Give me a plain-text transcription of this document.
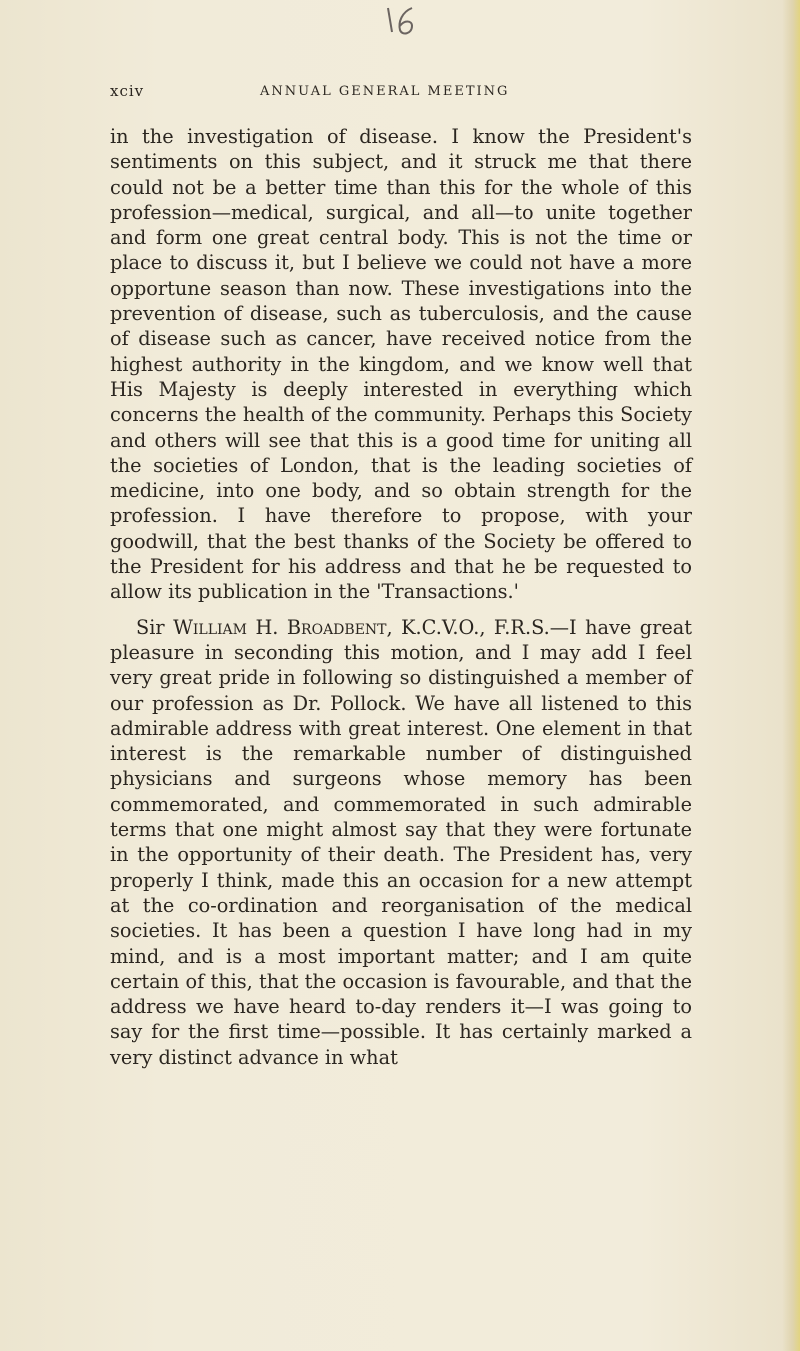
xciv	ANNUAL GENERAL MEETING

in the investigation of disease. I know the President's sentiments on this subject, and it struck me that there could not be a better time than this for the whole of this profession—medical, surgical, and all—to unite together and form one great central body. This is not the time or place to discuss it, but I believe we could not have a more opportune season than now. These investigations into the prevention of disease, such as tuberculosis, and the cause of disease such as cancer, have received notice from the highest authority in the kingdom, and we know well that His Majesty is deeply interested in everything which concerns the health of the community. Perhaps this Society and others will see that this is a good time for uniting all the societies of London, that is the leading societies of medicine, into one body, and so obtain strength for the profession. I have therefore to propose, with your goodwill, that the best thanks of the Society be offered to the President for his address and that he be requested to allow its publication in the 'Transactions.'

Sir William H. Broadbent, K.C.V.O., F.R.S.—I have great pleasure in seconding this motion, and I may add I feel very great pride in following so distinguished a member of our profession as Dr. Pollock. We have all listened to this admirable address with great interest. One element in that interest is the remarkable number of distinguished physicians and surgeons whose memory has been commemorated, and commemorated in such admirable terms that one might almost say that they were fortunate in the opportunity of their death. The President has, very properly I think, made this an occasion for a new attempt at the co-ordination and reorganisation of the medical societies. It has been a question I have long had in my mind, and is a most important matter; and I am quite certain of this, that the occasion is favourable, and that the address we have heard to-day renders it—I was going to say for the first time—possible. It has certainly marked a very distinct advance in what
